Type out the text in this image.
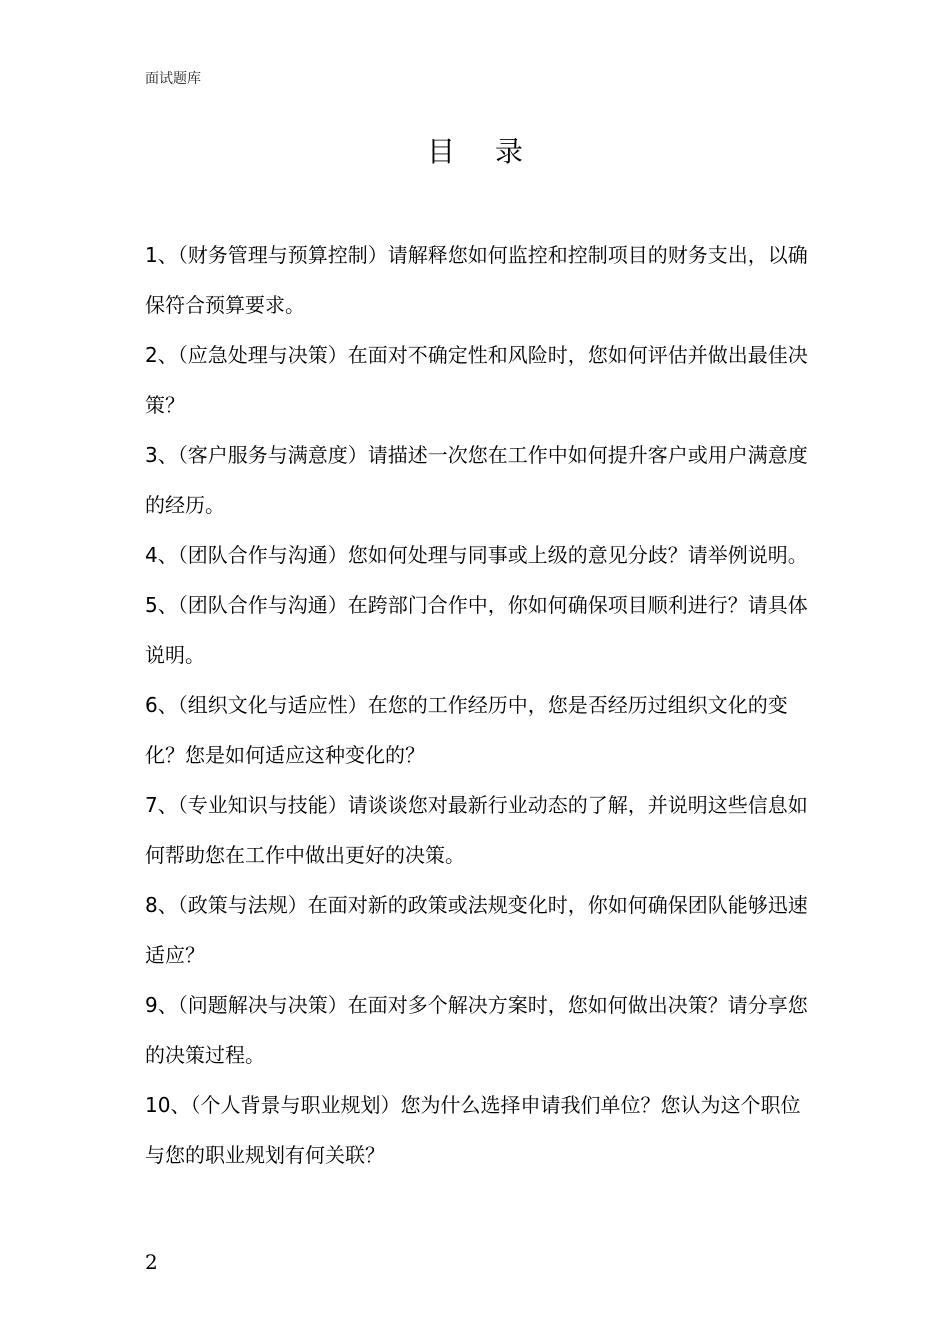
面试题库
目录
1、（财务管理与预算控制）请解释您如何监控和控制项目的财务支出，以确保符合预算要求。
2、（应急处理与决策）在面对不确定性和风险时，您如何评估并做出最佳决策？
3、（客户服务与满意度）请描述一次您在工作中如何提升客户或用户满意度的经历。
4、（团队合作与沟通）您如何处理与同事或上级的意见分歧？请举例说明。
5、（团队合作与沟通）在跨部门合作中，你如何确保项目顺利进行？请具体说明。
6、（组织文化与适应性）在您的工作经历中，您是否经历过组织文化的变化？您是如何适应这种变化的？
7、（专业知识与技能）请谈谈您对最新行业动态的了解，并说明这些信息如何帮助您在工作中做出更好的决策。
8、（政策与法规）在面对新的政策或法规变化时，你如何确保团队能够迅速适应？
9、（问题解决与决策）在面对多个解决方案时，您如何做出决策？请分享您的决策过程。
10、（个人背景与职业规划）您为什么选择申请我们单位？您认为这个职位与您的职业规划有何关联？
2
